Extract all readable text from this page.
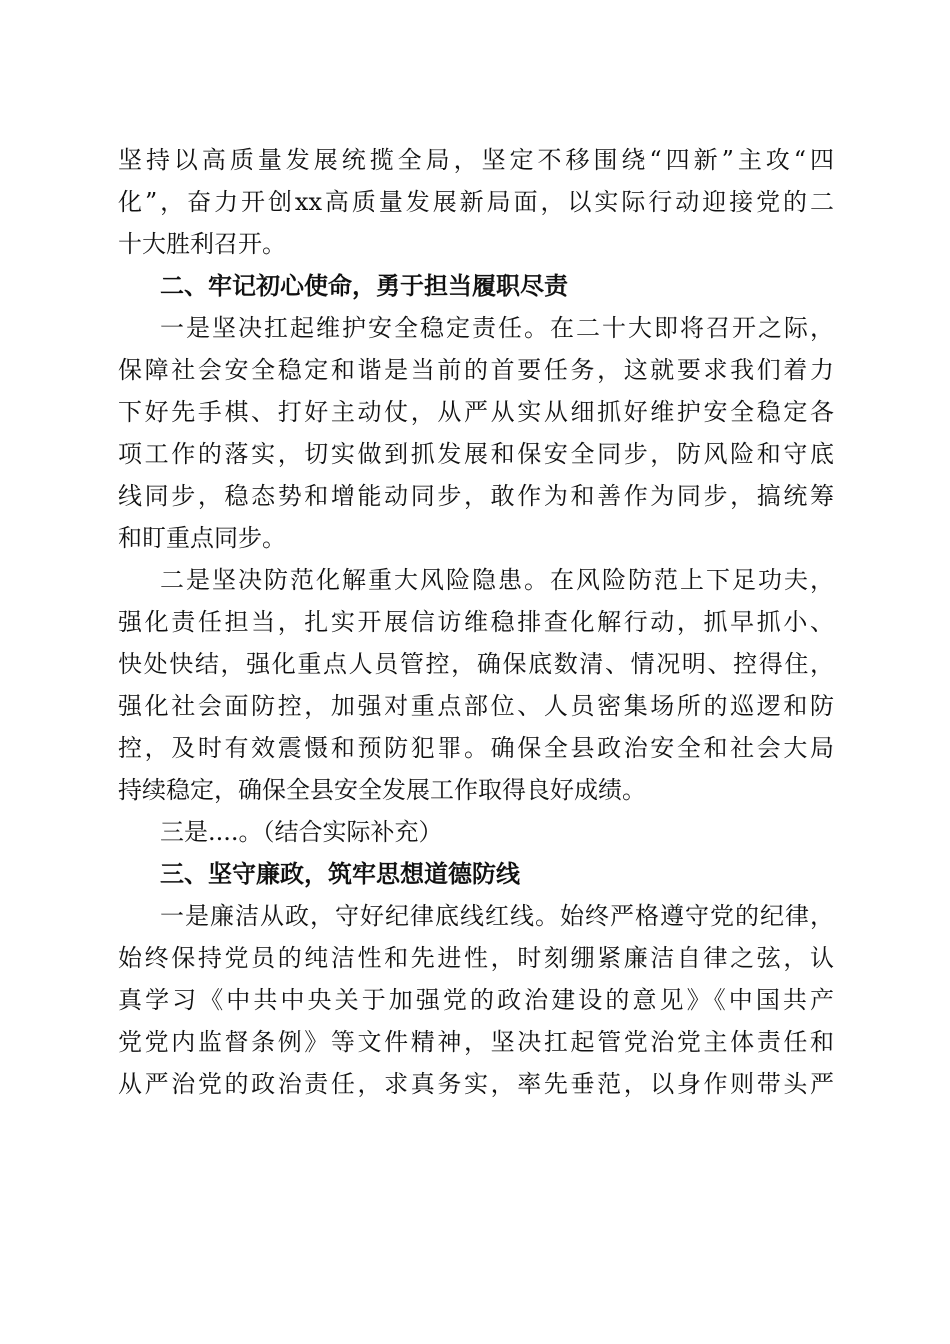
坚持以高质量发展统揽全局，坚定不移围绕“四新”主攻“四
化”，奋力开创xx高质量发展新局面，以实际行动迎接党的二
十大胜利召开。
二、牢记初心使命，勇于担当履职尽责
一是坚决扛起维护安全稳定责任。在二十大即将召开之际，
保障社会安全稳定和谐是当前的首要任务，这就要求我们着力
下好先手棋、打好主动仗，从严从实从细抓好维护安全稳定各
项工作的落实，切实做到抓发展和保安全同步，防风险和守底
线同步，稳态势和增能动同步，敢作为和善作为同步，搞统筹
和盯重点同步。
二是坚决防范化解重大风险隐患。在风险防范上下足功夫，
强化责任担当，扎实开展信访维稳排查化解行动，抓早抓小、
快处快结，强化重点人员管控，确保底数清、情况明、控得住，
强化社会面防控，加强对重点部位、人员密集场所的巡逻和防
控，及时有效震慑和预防犯罪。确保全县政治安全和社会大局
持续稳定，确保全县安全发展工作取得良好成绩。
三是....。（结合实际补充）
三、坚守廉政，筑牢思想道德防线
一是廉洁从政，守好纪律底线红线。始终严格遵守党的纪律，
始终保持党员的纯洁性和先进性，时刻绷紧廉洁自律之弦，认
真学习《中共中央关于加强党的政治建设的意见》《中国共产
党党内监督条例》等文件精神，坚决扛起管党治党主体责任和
从严治党的政治责任，求真务实，率先垂范，以身作则带头严
